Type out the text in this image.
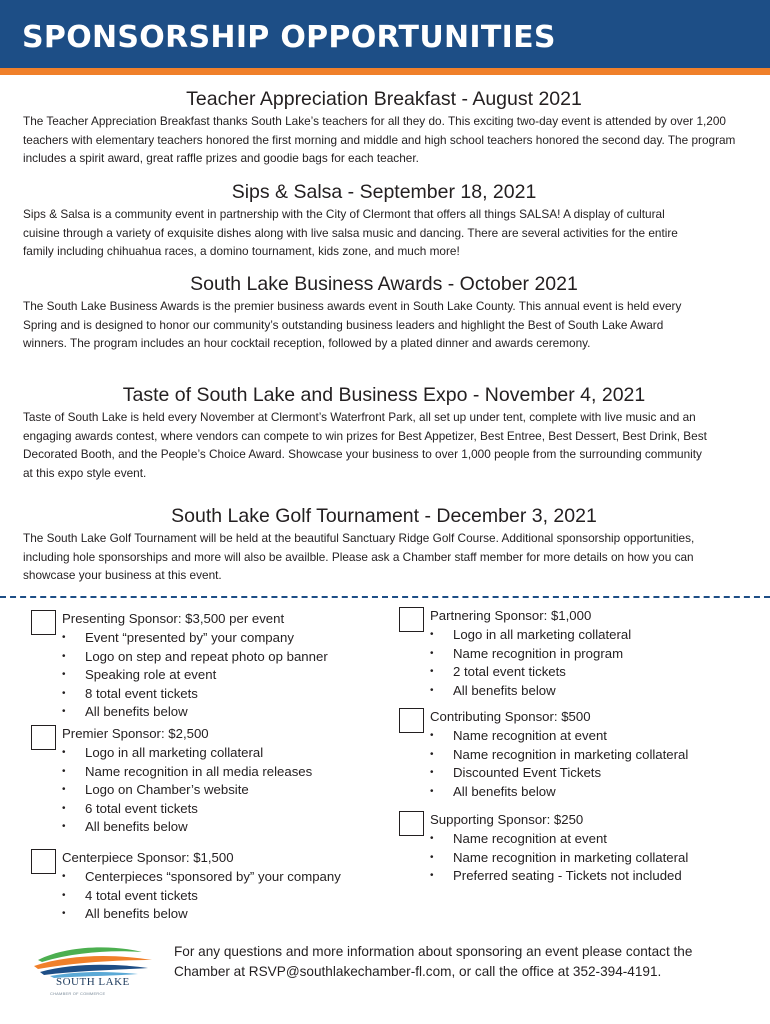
SPONSORSHIP OPPORTUNITIES
Teacher Appreciation Breakfast - August 2021

The Teacher Appreciation Breakfast thanks South Lake’s teachers for all they do. This exciting two-day event is attended by over 1,200 teachers with elementary teachers honored the first morning and middle and high school teachers honored the second day. The program includes a spirit award, great raffle prizes and goodie bags for each teacher.

Sips & Salsa - September 18, 2021

Sips & Salsa is a community event in partnership with the City of Clermont that offers all things SALSA! A display of cultural cuisine through a variety of exquisite dishes along with live salsa music and dancing. There are several activities for the entire family including chihuahua races, a domino tournament, kids zone, and much more!

South Lake Business Awards - October 2021

The South Lake Business Awards is the premier business awards event in South Lake County. This annual event is held every Spring and is designed to honor our community’s outstanding business leaders and highlight the Best of South Lake Award winners. The program includes an hour cocktail reception, followed by a plated dinner and awards ceremony.

Taste of South Lake and Business Expo - November 4, 2021

Taste of South Lake is held every November at Clermont’s Waterfront Park, all set up under tent, complete with live music and an engaging awards contest, where vendors can compete to win prizes for Best Appetizer, Best Entree, Best Dessert, Best Drink, Best Decorated Booth, and the People’s Choice Award. Showcase your business to over 1,000 people from the surrounding community at this expo style event.

South Lake Golf Tournament - December 3, 2021

The South Lake Golf Tournament will be held at the beautiful Sanctuary Ridge Golf Course. Additional sponsorship opportunities, including hole sponsorships and more will also be availble. Please ask a Chamber staff member for more details on how you can showcase your business at this event.

Presenting Sponsor: $3,500 per event
• Event “presented by” your company
• Logo on step and repeat photo op banner
• Speaking role at event
• 8 total event tickets
• All benefits below
Premier Sponsor: $2,500
• Logo in all marketing collateral
• Name recognition in all media releases
• Logo on Chamber’s website
• 6 total event tickets
• All benefits below
Centerpiece Sponsor: $1,500
• Centerpieces “sponsored by” your company
• 4 total event tickets
• All benefits below
Partnering Sponsor: $1,000
• Logo in all marketing collateral
• Name recognition in program
• 2 total event tickets
• All benefits below
Contributing Sponsor: $500
• Name recognition at event
• Name recognition in marketing collateral
• Discounted Event Tickets
• All benefits below
Supporting Sponsor: $250
• Name recognition at event
• Name recognition in marketing collateral
• Preferred seating - Tickets not included
SOUTH LAKE
CHAMBER OF COMMERCE
For any questions and more information about sponsoring an event please contact the Chamber at RSVP@southlakechamber-fl.com, or call the office at 352-394-4191.
